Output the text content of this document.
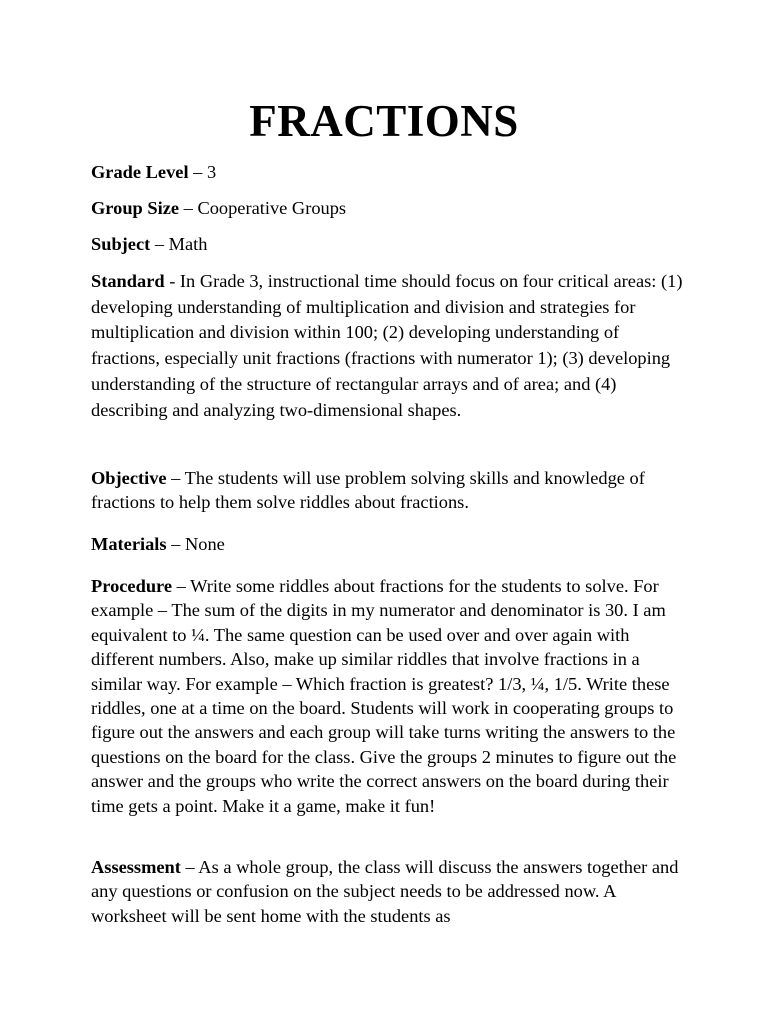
FRACTIONS

Grade Level – 3

Group Size – Cooperative Groups

Subject – Math

Standard - In Grade 3, instructional time should focus on four critical areas: (1) developing understanding of multiplication and division and strategies for multiplication and division within 100; (2) developing understanding of fractions, especially unit fractions (fractions with numerator 1); (3) developing understanding of the structure of rectangular arrays and of area; and (4) describing and analyzing two-dimensional shapes.

Objective – The students will use problem solving skills and knowledge of fractions to help them solve riddles about fractions.

Materials – None

Procedure – Write some riddles about fractions for the students to solve. For example – The sum of the digits in my numerator and denominator is 30. I am equivalent to ¼. The same question can be used over and over again with different numbers. Also, make up similar riddles that involve fractions in a similar way. For example – Which fraction is greatest? 1/3, ¼, 1/5. Write these riddles, one at a time on the board. Students will work in cooperating groups to figure out the answers and each group will take turns writing the answers to the questions on the board for the class. Give the groups 2 minutes to figure out the answer and the groups who write the correct answers on the board during their time gets a point. Make it a game, make it fun!

Assessment – As a whole group, the class will discuss the answers together and any questions or confusion on the subject needs to be addressed now. A worksheet will be sent home with the students as
